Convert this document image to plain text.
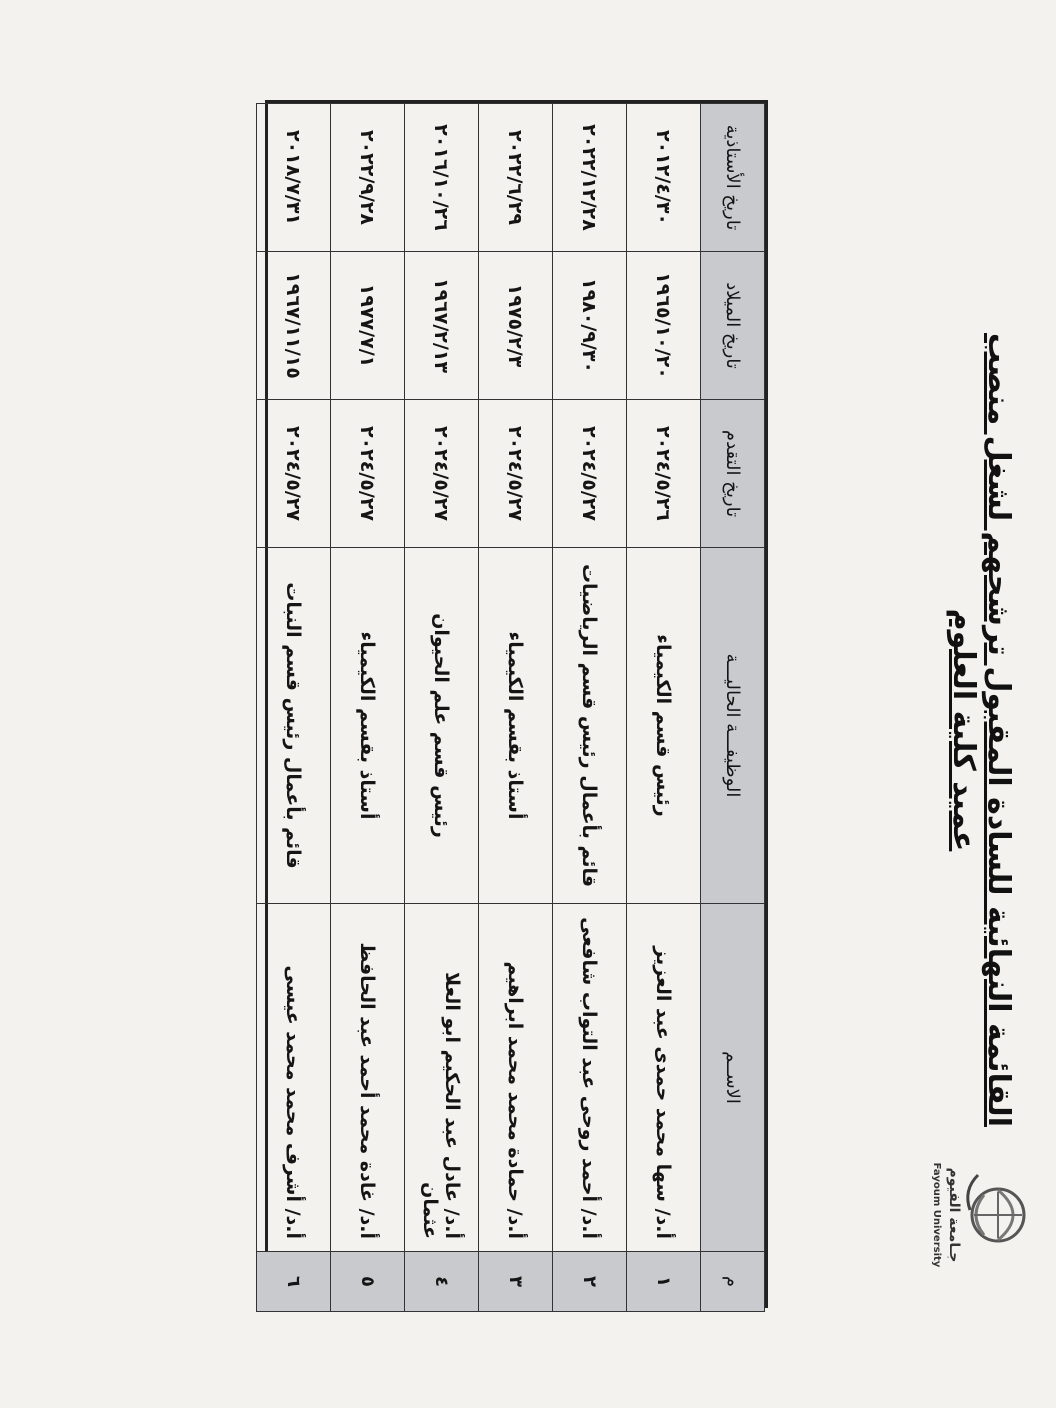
جـامعة الفيوم
Fayoum University
القائمة النهائية للسادة المقبول ترشحهم لشغل منصب عميد كلية العلوم
م	الاســم	الوظيفـــة الحاليـــة	تاريخ التقدم	تاريخ الميلاد	تاريخ الأستاذية
١	أ.د/ سها محمد حمدى عبد العزيز	رئيس قسم الكيمياء	٢٠٢٤/٥/٢٦	١٩٦٥/١٠/٢٠	٢٠١٢/٤/٣٠
٢	أ.د/ أحمد روحى عبد التواب شافعى	قائم بأعمال رئيس قسم الرياضيات	٢٠٢٤/٥/٢٧	١٩٨٠/٩/٣٠	٢٠٢٢/١٢/٢٨
٣	أ.د/ حمادة محمد محمد ابراهيم	أستاذ بقسم الكيمياء	٢٠٢٤/٥/٢٧	١٩٧٥/٢/٣	٢٠٢٢/٦/٢٩
٤	أ.د/ عادل عبد الحكيم ابو العلا عثمان	رئيس قسم علم الحيوان	٢٠٢٤/٥/٢٧	١٩٦٧/٢/١٣	٢٠١٦/١٠/٢٦
٥	أ.د/ غادة محمد أحمد عبد الحافظ	أستاذ بقسم الكيمياء	٢٠٢٤/٥/٢٧	١٩٧٧/٧/١	٢٠٢٢/٩/٢٨
٦	أ.د/ أشرف محمد محمد عيسى	قائم بأعمال رئيس قسم النبات	٢٠٢٤/٥/٢٧	١٩٦٧/١١/١٥	٢٠١٨/٧/٣١
